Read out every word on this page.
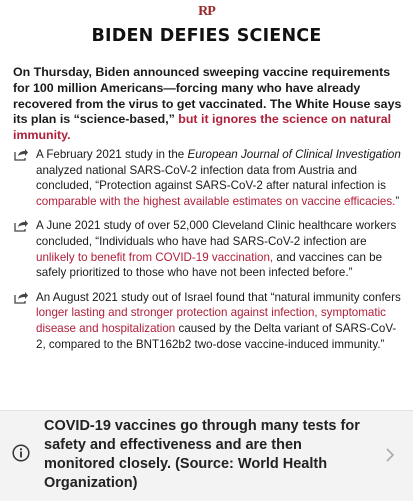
RP
BIDEN DEFIES SCIENCE
On Thursday, Biden announced sweeping vaccine requirements for 100 million Americans—forcing many who have already recovered from the virus to get vaccinated. The White House says its plan is “science-based,” but it ignores the science on natural immunity.
A February 2021 study in the European Journal of Clinical Investigation analyzed national SARS-CoV-2 infection data from Austria and concluded, “Protection against SARS-CoV-2 after natural infection is comparable with the highest available estimates on vaccine efficacies.”
A June 2021 study of over 52,000 Cleveland Clinic healthcare workers concluded, “Individuals who have had SARS-CoV-2 infection are unlikely to benefit from COVID-19 vaccination, and vaccines can be safely prioritized to those who have not been infected before.”
An August 2021 study out of Israel found that “natural immunity confers longer lasting and stronger protection against infection, symptomatic disease and hospitalization caused by the Delta variant of SARS-CoV-2, compared to the BNT162b2 two-dose vaccine-induced immunity.”
COVID-19 vaccines go through many tests for safety and effectiveness and are then monitored closely. (Source: World Health Organization)
